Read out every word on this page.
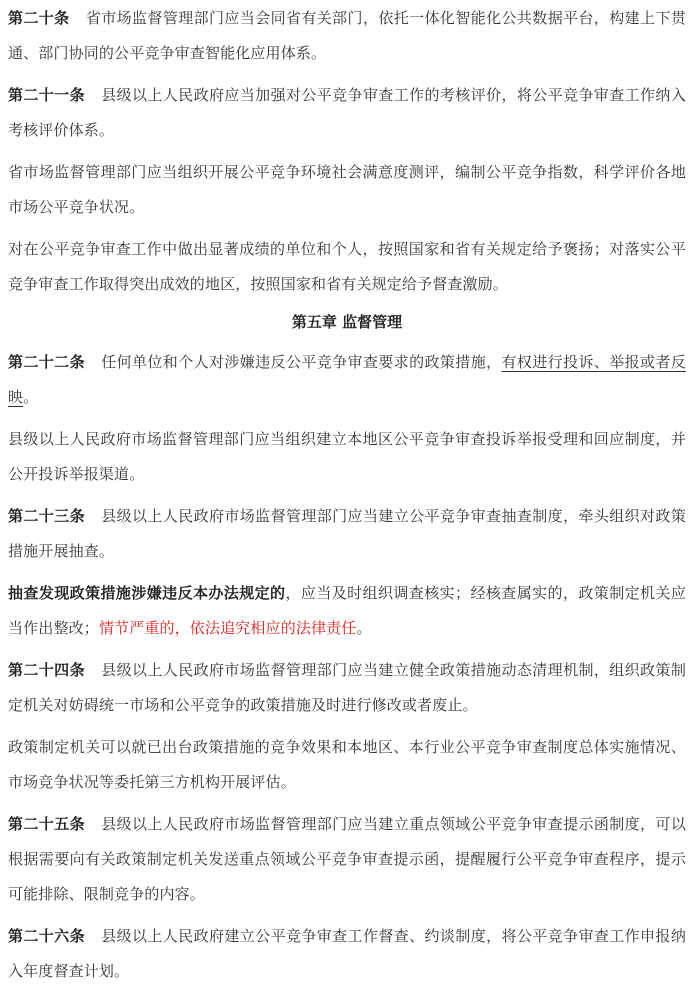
第二十条 省市场监督管理部门应当会同省有关部门，依托一体化智能化公共数据平台，构建上下贯通、部门协同的公平竞争审查智能化应用体系。

第二十一条 县级以上人民政府应当加强对公平竞争审查工作的考核评价，将公平竞争审查工作纳入考核评价体系。

省市场监督管理部门应当组织开展公平竞争环境社会满意度测评，编制公平竞争指数，科学评价各地市场公平竞争状况。

对在公平竞争审查工作中做出显著成绩的单位和个人，按照国家和省有关规定给予褒扬；对落实公平竞争审查工作取得突出成效的地区，按照国家和省有关规定给予督查激励。

第五章 监督管理

第二十二条 任何单位和个人对涉嫌违反公平竞争审查要求的政策措施，有权进行投诉、举报或者反映。

县级以上人民政府市场监督管理部门应当组织建立本地区公平竞争审查投诉举报受理和回应制度，并公开投诉举报渠道。

第二十三条 县级以上人民政府市场监督管理部门应当建立公平竞争审查抽查制度，牵头组织对政策措施开展抽查。

抽查发现政策措施涉嫌违反本办法规定的，应当及时组织调查核实；经核查属实的，政策制定机关应当作出整改；情节严重的，依法追究相应的法律责任。

第二十四条 县级以上人民政府市场监督管理部门应当建立健全政策措施动态清理机制，组织政策制定机关对妨碍统一市场和公平竞争的政策措施及时进行修改或者废止。

政策制定机关可以就已出台政策措施的竞争效果和本地区、本行业公平竞争审查制度总体实施情况、市场竞争状况等委托第三方机构开展评估。

第二十五条 县级以上人民政府市场监督管理部门应当建立重点领域公平竞争审查提示函制度，可以根据需要向有关政策制定机关发送重点领域公平竞争审查提示函，提醒履行公平竞争审查程序，提示可能排除、限制竞争的内容。

第二十六条 县级以上人民政府建立公平竞争审查工作督查、约谈制度，将公平竞争审查工作申报纳入年度督查计划。
